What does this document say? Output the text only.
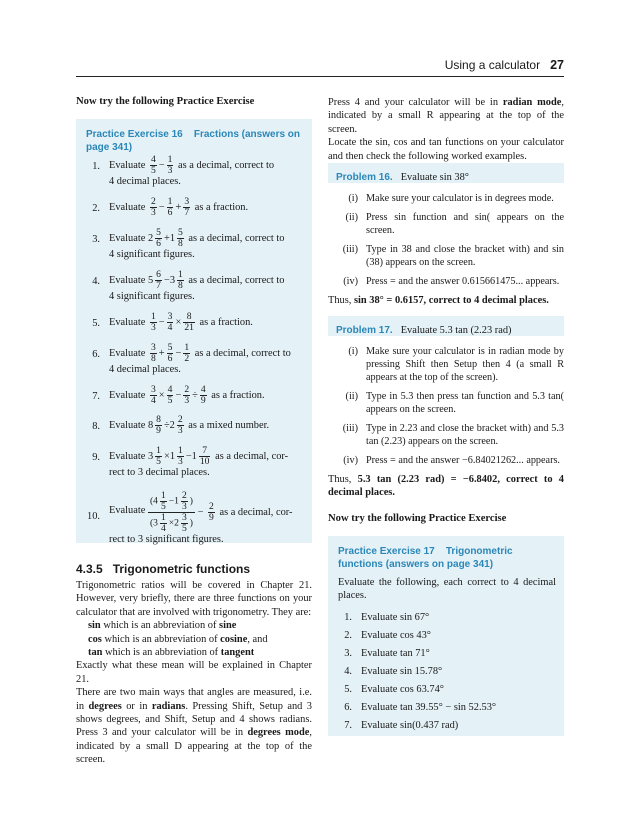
Using a calculator 27
Now try the following Practice Exercise
Practice Exercise 16 Fractions (answers on page 341)
1. Evaluate $\frac{4}{5} - \frac{1}{3}$ as a decimal, correct to
4 decimal places.
2. Evaluate $\frac{2}{3} - \frac{1}{6} + \frac{3}{7}$ as a fraction.
3. Evaluate $2 \frac{5}{6} +1 \frac{5}{8}$ as a decimal, correct to
4 significant figures.
4. Evaluate $5 \frac{6}{7} -3 \frac{1}{8}$ as a decimal, correct to
4 significant figures.
5. Evaluate $\frac{1}{3} - \frac{3}{4} \times \frac{8}{21}$ as a fraction.
6. Evaluate $\frac{3}{8} + \frac{5}{6} - \frac{1}{2}$ as a decimal, correct to
4 decimal places.
7. Evaluate $\frac{3}{4} \times \frac{4}{5} - \frac{2}{3} \div \frac{4}{9}$ as a fraction.
8. Evaluate $8 \frac{8}{9} \div 2 \frac{2}{3}$ as a mixed number.
9. Evaluate $3 \frac{1}{5} \times 1 \frac{1}{3} -1 \frac{7}{10}$ as a decimal, cor-
rect to 3 decimal places.
10.
Evaluate $\frac{(4 \frac{1}{5} -1 \frac{2}{3} )}{(3 \frac{1}{4} \times 2 \frac{3}{5} )} - \frac{2}{9}$ as a decimal, cor-
rect to 3 significant figures.
4.3.5 Trigonometric functions
Trigonometric ratios will be covered in Chapter 21. However, very briefly, there are three functions on your calculator that are involved with trigonometry. They are:
sin which is an abbreviation of sine
cos which is an abbreviation of cosine, and
tan which is an abbreviation of tangent
Exactly what these mean will be explained in Chapter 21.
There are two main ways that angles are measured, i.e. in degrees or in radians. Pressing Shift, Setup and 3 shows degrees, and Shift, Setup and 4 shows radians. Press 3 and your calculator will be in degrees mode, indicated by a small D appearing at the top of the screen.
Press 4 and your calculator will be in radian mode, indicated by a small R appearing at the top of the screen.
Locate the sin, cos and tan functions on your calculator and then check the following worked examples.
Problem 16. Evaluate sin 38°
(i) Make sure your calculator is in degrees mode.
(ii) Press sin function and sin( appears on the screen.
(iii) Type in 38 and close the bracket with) and sin (38) appears on the screen.
(iv) Press = and the answer 0.615661475... appears.
Thus, sin 38° = 0.6157, correct to 4 decimal places.
Problem 17. Evaluate 5.3 tan (2.23 rad)
(i) Make sure your calculator is in radian mode by pressing Shift then Setup then 4 (a small R appears at the top of the screen).
(ii) Type in 5.3 then press tan function and 5.3 tan( appears on the screen.
(iii) Type in 2.23 and close the bracket with) and 5.3 tan (2.23) appears on the screen.
(iv) Press = and the answer −6.84021262... appears.
Thus, 5.3 tan (2.23 rad) = −6.8402, correct to 4 decimal places.
Now try the following Practice Exercise
Practice Exercise 17 Trigonometric functions (answers on page 341)
Evaluate the following, each correct to 4 decimal places.
1. Evaluate sin 67°
2. Evaluate cos 43°
3. Evaluate tan 71°
4. Evaluate sin 15.78°
5. Evaluate cos 63.74°
6. Evaluate tan 39.55° − sin 52.53°
7. Evaluate sin(0.437 rad)
